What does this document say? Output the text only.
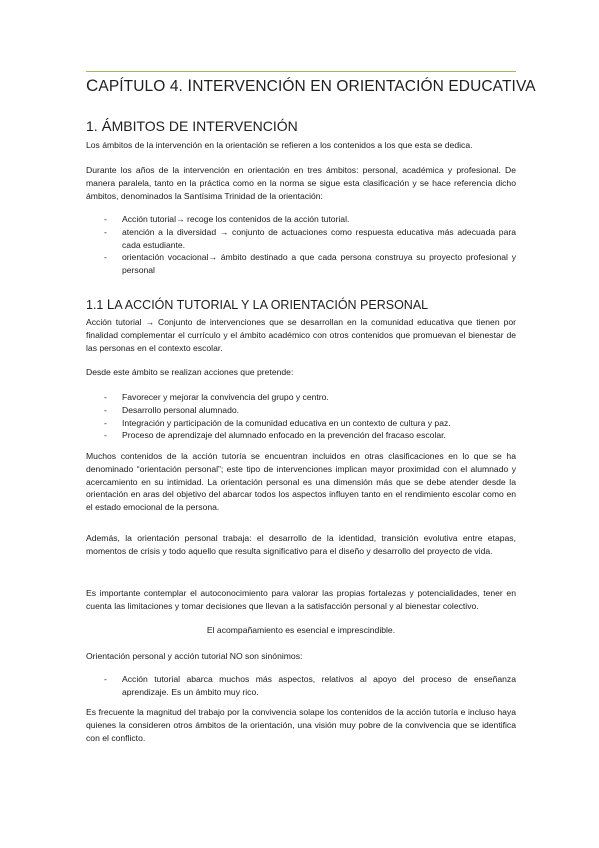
CAPÍTULO 4. INTERVENCIÓN EN ORIENTACIÓN EDUCATIVA
1. ÁMBITOS DE INTERVENCIÓN

Los ámbitos de la intervención en la orientación se refieren a los contenidos a los que esta se dedica.

Durante los años de la intervención en orientación en tres ámbitos: personal, académica y profesional. De manera paralela, tanto en la práctica como en la norma se sigue esta clasificación y se hace referencia dicho ámbitos, denominados la Santísima Trinidad de la orientación:

- Acción tutorial→ recoge los contenidos de la acción tutorial.
- atención a la diversidad → conjunto de actuaciones como respuesta educativa más adecuada para cada estudiante.
- orientación vocacional→ ámbito destinado a que cada persona construya su proyecto profesional y personal
1.1 LA ACCIÓN TUTORIAL Y LA ORIENTACIÓN PERSONAL

Acción tutorial → Conjunto de intervenciones que se desarrollan en la comunidad educativa que tienen por finalidad complementar el currículo y el ámbito académico con otros contenidos que promuevan el bienestar de las personas en el contexto escolar.

Desde este ámbito se realizan acciones que pretende:

- Favorecer y mejorar la convivencia del grupo y centro.
- Desarrollo personal alumnado.
- Integración y participación de la comunidad educativa en un contexto de cultura y paz.
- Proceso de aprendizaje del alumnado enfocado en la prevención del fracaso escolar.

Muchos contenidos de la acción tutoría se encuentran incluidos en otras clasificaciones en lo que se ha denominado “orientación personal”; este tipo de intervenciones implican mayor proximidad con el alumnado y acercamiento en su intimidad. La orientación personal es una dimensión más que se debe atender desde la orientación en aras del objetivo del abarcar todos los aspectos influyen tanto en el rendimiento escolar como en el estado emocional de la persona.

Además, la orientación personal trabaja: el desarrollo de la identidad, transición evolutiva entre etapas, momentos de crisis y todo aquello que resulta significativo para el diseño y desarrollo del proyecto de vida.

Es importante contemplar el autoconocimiento para valorar las propias fortalezas y potencialidades, tener en cuenta las limitaciones y tomar decisiones que llevan a la satisfacción personal y al bienestar colectivo.

El acompañamiento es esencial e imprescindible.

Orientación personal y acción tutorial NO son sinónimos:

- Acción tutorial abarca muchos más aspectos, relativos al apoyo del proceso de enseñanza aprendizaje. Es un ámbito muy rico.

Es frecuente la magnitud del trabajo por la convivencia solape los contenidos de la acción tutoría e incluso haya quienes la consideren otros ámbitos de la orientación, una visión muy pobre de la convivencia que se identifica con el conflicto.
